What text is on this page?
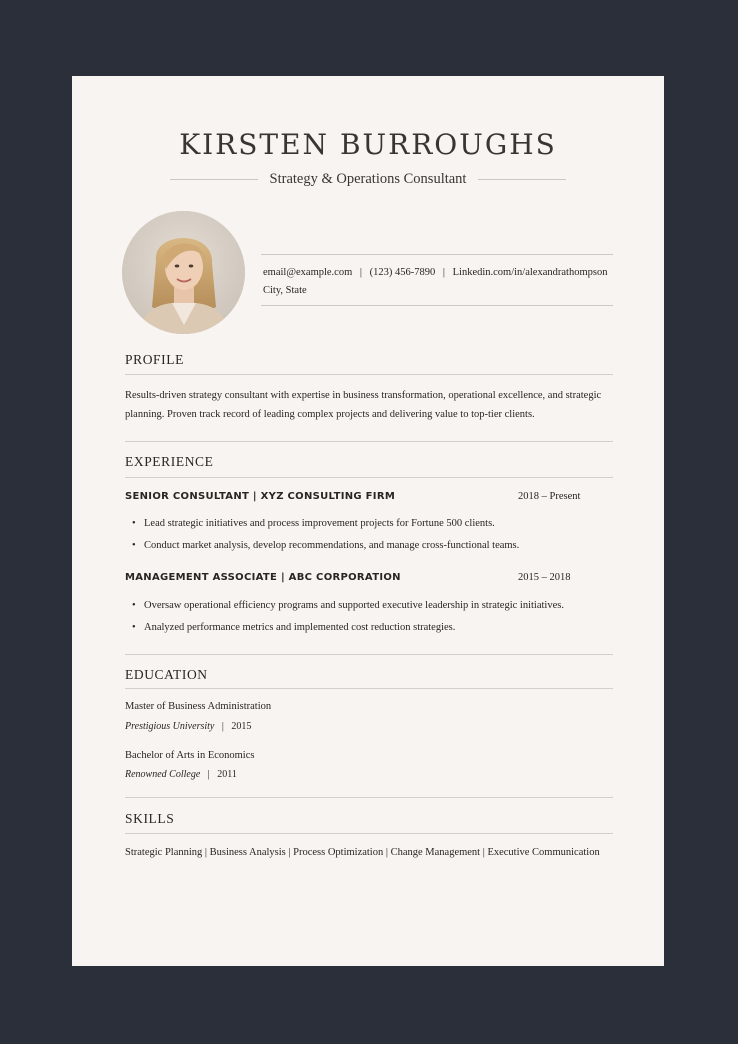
KIRSTEN BURROUGHS
Strategy & Operations Consultant
email@example.com | (123) 456-7890 | Linkedin.com/in/alexandrathompson
City, State
PROFILE

Results-driven strategy consultant with expertise in business transformation, operational excellence, and strategic planning. Proven track record of leading complex projects and delivering value to top-tier clients.

EXPERIENCE
SENIOR CONSULTANT | XYZ CONSULTING FIRM	2018 – Present
• Lead strategic initiatives and process improvement projects for Fortune 500 clients.
• Conduct market analysis, develop recommendations, and manage cross-functional teams.
MANAGEMENT ASSOCIATE | ABC CORPORATION	2015 – 2018
• Oversaw operational efficiency programs and supported executive leadership in strategic initiatives.
• Analyzed performance metrics and implemented cost reduction strategies.
EDUCATION
Master of Business Administration
Prestigious University | 2015
Bachelor of Arts in Economics
Renowned College | 2011
SKILLS
Strategic Planning | Business Analysis | Process Optimization | Change Management | Executive Communication
